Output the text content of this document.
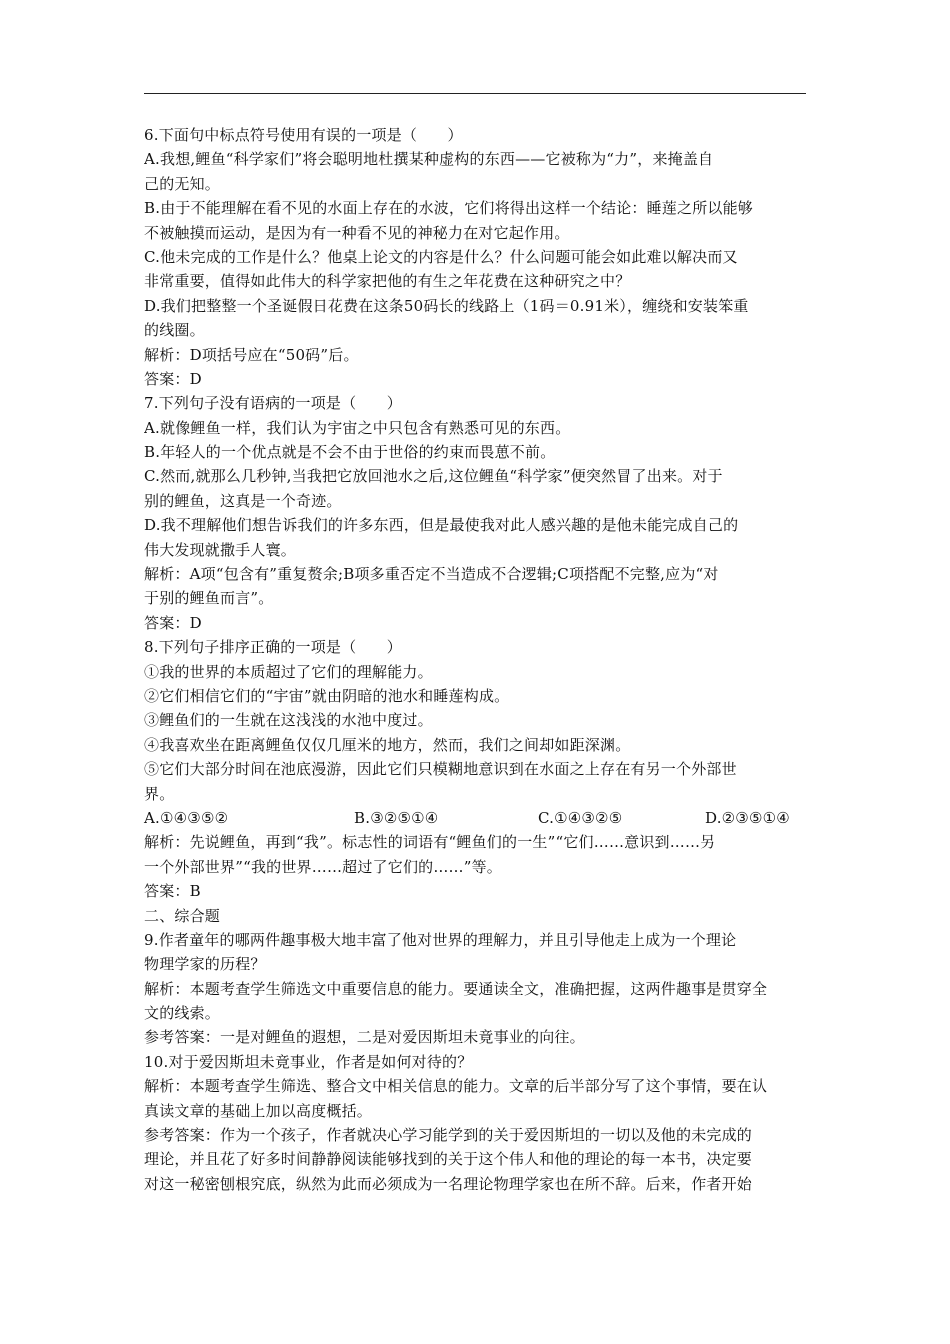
6.下面句中标点符号使用有误的一项是（　　）
A.我想,鲤鱼“科学家们”将会聪明地杜撰某种虚构的东西——它被称为“力”，来掩盖自
己的无知。
B.由于不能理解在看不见的水面上存在的水波，它们将得出这样一个结论：睡莲之所以能够
不被触摸而运动，是因为有一种看不见的神秘力在对它起作用。
C.他未完成的工作是什么？他桌上论文的内容是什么？什么问题可能会如此难以解决而又
非常重要，值得如此伟大的科学家把他的有生之年花费在这种研究之中？
D.我们把整整一个圣诞假日花费在这条50码长的线路上（1码＝0.91米），缠绕和安装笨重
的线圈。
解析：D项括号应在“50码”后。
答案：D
7.下列句子没有语病的一项是（　　）
A.就像鲤鱼一样，我们认为宇宙之中只包含有熟悉可见的东西。
B.年轻人的一个优点就是不会不由于世俗的约束而畏葸不前。
C.然而,就那么几秒钟,当我把它放回池水之后,这位鲤鱼“科学家”便突然冒了出来。对于
别的鲤鱼，这真是一个奇迹。
D.我不理解他们想告诉我们的许多东西，但是最使我对此人感兴趣的是他未能完成自己的
伟大发现就撒手人寰。
解析：A项“包含有”重复赘余;B项多重否定不当造成不合逻辑;C项搭配不完整,应为“对
于别的鲤鱼而言”。
答案：D
8.下列句子排序正确的一项是（　　）
①我的世界的本质超过了它们的理解能力。
②它们相信它们的“宇宙”就由阴暗的池水和睡莲构成。
③鲤鱼们的一生就在这浅浅的水池中度过。
④我喜欢坐在距离鲤鱼仅仅几厘米的地方，然而，我们之间却如距深渊。
⑤它们大部分时间在池底漫游，因此它们只模糊地意识到在水面之上存在有另一个外部世
界。
A.①④③⑤②	B.③②⑤①④	C.①④③②⑤	D.②③⑤①④
解析：先说鲤鱼，再到“我”。标志性的词语有“鲤鱼们的一生”“它们……意识到……另
一个外部世界”“我的世界……超过了它们的……”等。
答案：B
二、综合题
9.作者童年的哪两件趣事极大地丰富了他对世界的理解力，并且引导他走上成为一个理论
物理学家的历程？
解析：本题考查学生筛选文中重要信息的能力。要通读全文，准确把握，这两件趣事是贯穿全
文的线索。
参考答案：一是对鲤鱼的遐想，二是对爱因斯坦未竟事业的向往。
10.对于爱因斯坦未竟事业，作者是如何对待的？
解析：本题考查学生筛选、整合文中相关信息的能力。文章的后半部分写了这个事情，要在认
真读文章的基础上加以高度概括。
参考答案：作为一个孩子，作者就决心学习能学到的关于爱因斯坦的一切以及他的未完成的
理论，并且花了好多时间静静阅读能够找到的关于这个伟人和他的理论的每一本书，决定要
对这一秘密刨根究底，纵然为此而必须成为一名理论物理学家也在所不辞。后来，作者开始
